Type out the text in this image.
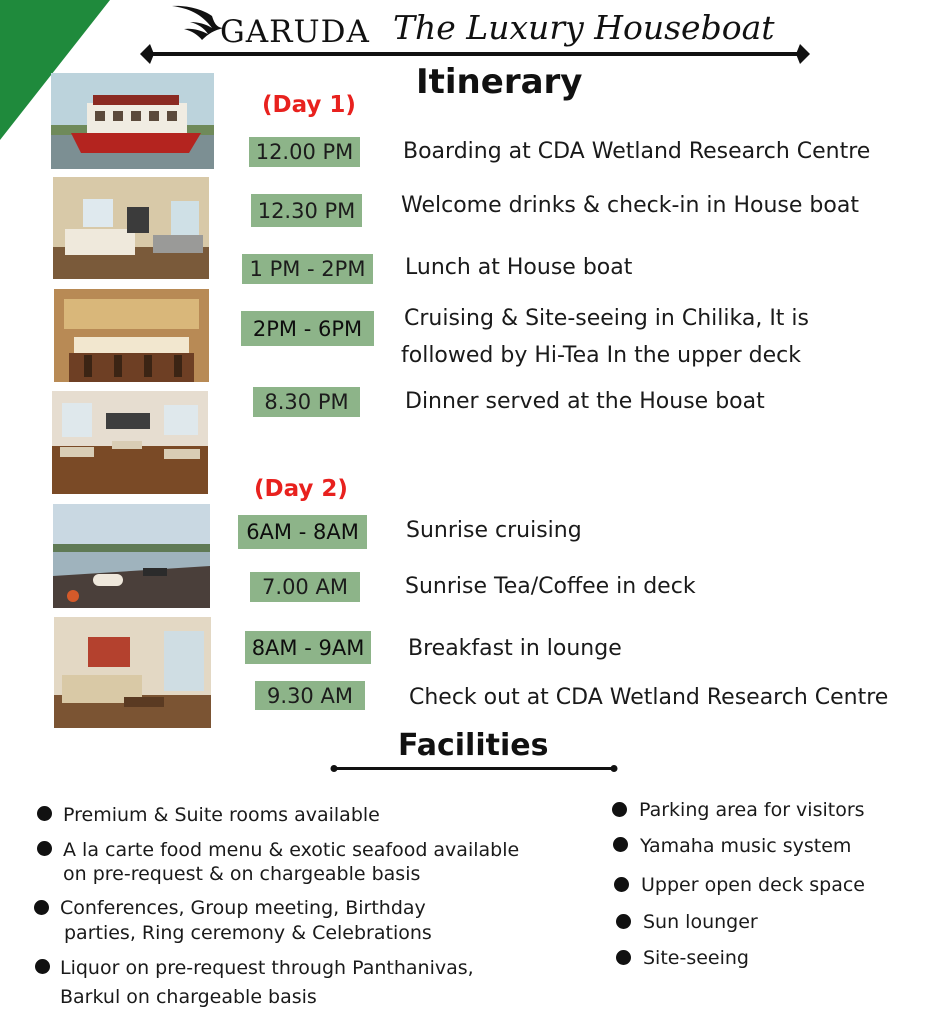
GARUDA The Luxury Houseboat
Itinerary
(Day 1)
12.00 PM	Boarding at CDA Wetland Research Centre
12.30 PM	Welcome drinks & check-in in House boat
1 PM - 2PM	Lunch at House boat
2PM - 6PM	Cruising & Site-seeing in Chilika, It is
followed by Hi-Tea In the upper deck
8.30 PM	Dinner served at the House boat
(Day 2)
6AM - 8AM	Sunrise cruising
7.00 AM	Sunrise Tea/Coffee in deck
8AM - 9AM	Breakfast in lounge
9.30 AM	Check out at CDA Wetland Research Centre
Facilities
Premium & Suite rooms available
A la carte food menu & exotic seafood available
on pre-request & on chargeable basis
Conferences, Group meeting, Birthday
parties, Ring ceremony & Celebrations
Liquor on pre-request through Panthanivas,
Barkul on chargeable basis
Parking area for visitors
Yamaha music system
Upper open deck space
Sun lounger
Site-seeing
